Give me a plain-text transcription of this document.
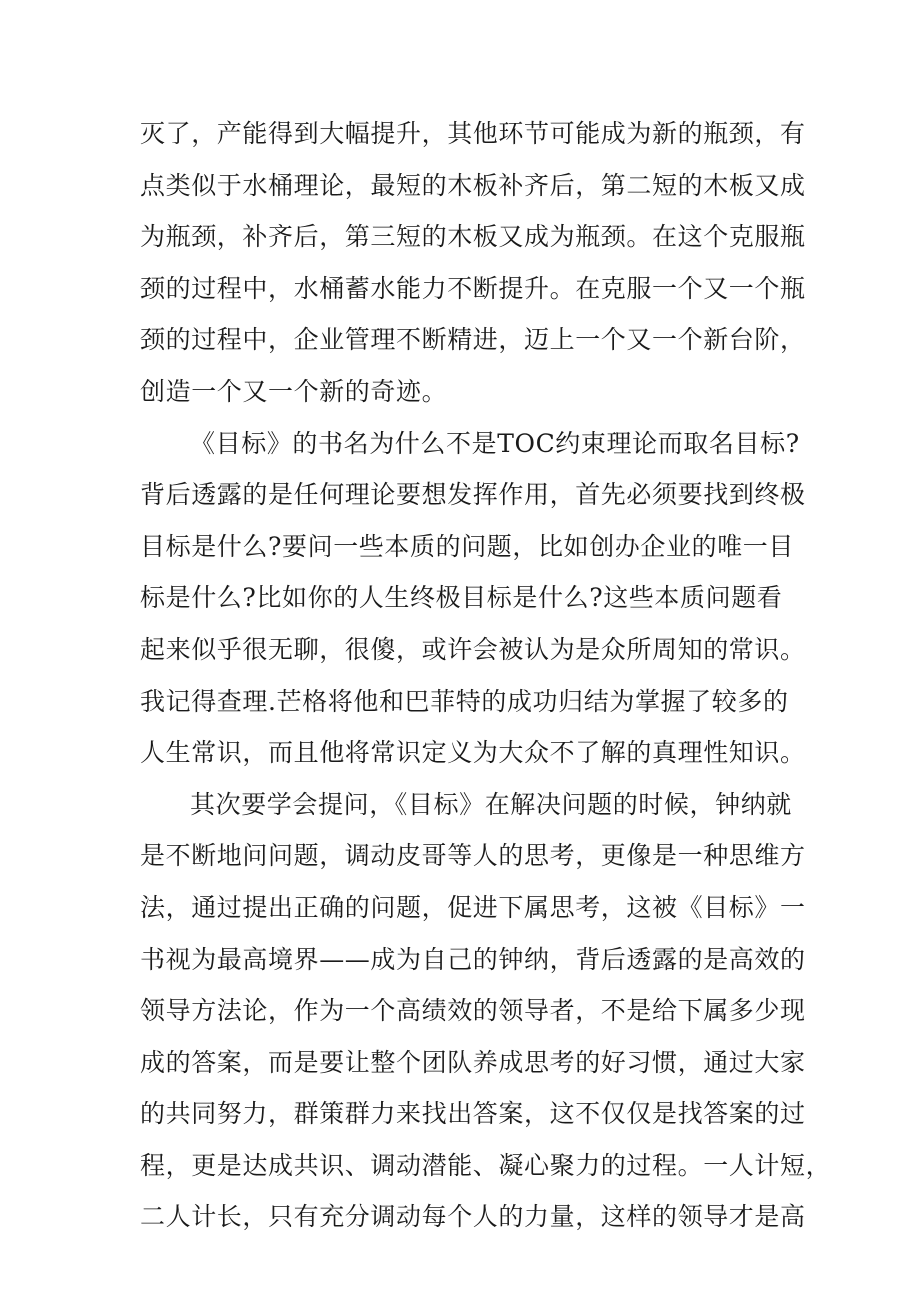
灭了，产能得到大幅提升，其他环节可能成为新的瓶颈，有
点类似于水桶理论，最短的木板补齐后，第二短的木板又成
为瓶颈，补齐后，第三短的木板又成为瓶颈。在这个克服瓶
颈的过程中，水桶蓄水能力不断提升。在克服一个又一个瓶
颈的过程中，企业管理不断精进，迈上一个又一个新台阶，
创造一个又一个新的奇迹。
《目标》的书名为什么不是TOC约束理论而取名目标?
背后透露的是任何理论要想发挥作用，首先必须要找到终极
目标是什么?要问一些本质的问题，比如创办企业的唯一目
标是什么?比如你的人生终极目标是什么?这些本质问题看
起来似乎很无聊，很傻，或许会被认为是众所周知的常识。
我记得查理.芒格将他和巴菲特的成功归结为掌握了较多的
人生常识，而且他将常识定义为大众不了解的真理性知识。
其次要学会提问，《目标》在解决问题的时候，钟纳就
是不断地问问题，调动皮哥等人的思考，更像是一种思维方
法，通过提出正确的问题，促进下属思考，这被《目标》一
书视为最高境界——成为自己的钟纳，背后透露的是高效的
领导方法论，作为一个高绩效的领导者，不是给下属多少现
成的答案，而是要让整个团队养成思考的好习惯，通过大家
的共同努力，群策群力来找出答案，这不仅仅是找答案的过
程，更是达成共识、调动潜能、凝心聚力的过程。一人计短，
二人计长，只有充分调动每个人的力量，这样的领导才是高
